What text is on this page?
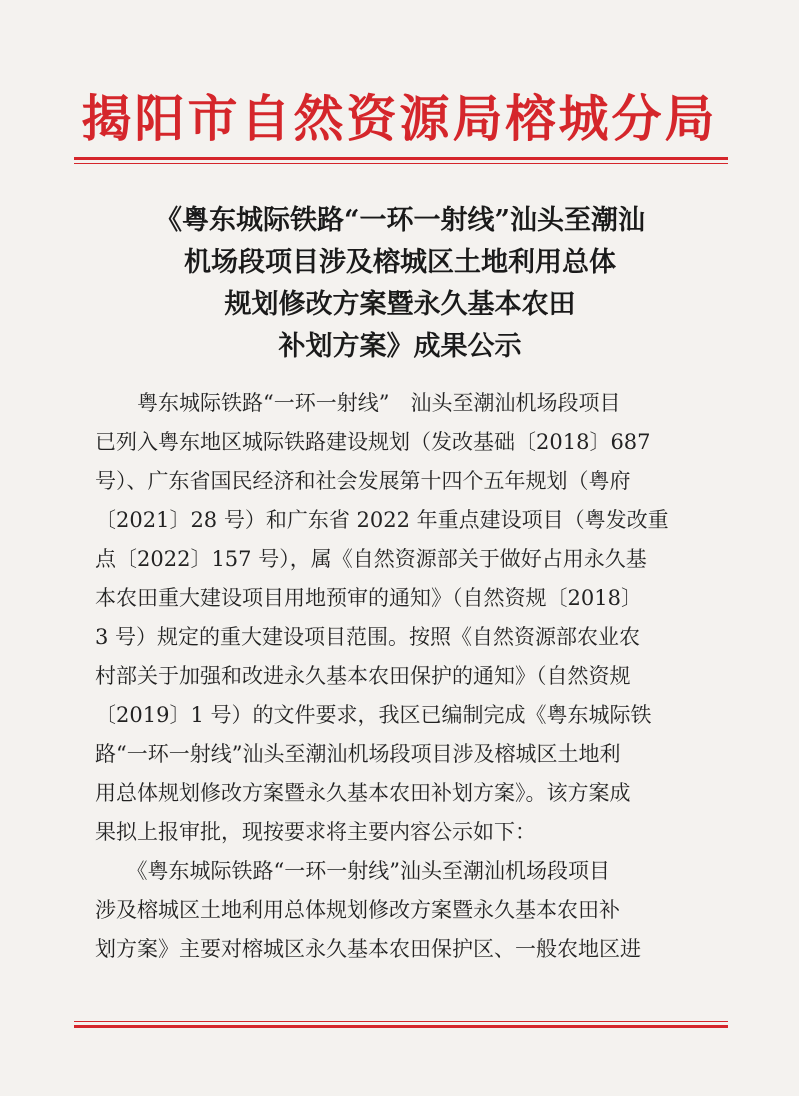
揭阳市自然资源局榕城分局
《粤东城际铁路“一环一射线”汕头至潮汕
机场段项目涉及榕城区土地利用总体
规划修改方案暨永久基本农田
补划方案》成果公示
　　粤东城际铁路“一环一射线”　汕头至潮汕机场段项目
已列入粤东地区城际铁路建设规划（发改基础〔2018〕687
号）、广东省国民经济和社会发展第十四个五年规划（粤府
〔2021〕28 号）和广东省 2022 年重点建设项目（粤发改重
点〔2022〕157 号），属《自然资源部关于做好占用永久基
本农田重大建设项目用地预审的通知》（自然资规〔2018〕
3 号）规定的重大建设项目范围。按照《自然资源部农业农
村部关于加强和改进永久基本农田保护的通知》（自然资规
〔2019〕1 号）的文件要求，我区已编制完成《粤东城际铁
路“一环一射线”汕头至潮汕机场段项目涉及榕城区土地利
用总体规划修改方案暨永久基本农田补划方案》。该方案成
果拟上报审批，现按要求将主要内容公示如下：
　　《粤东城际铁路“一环一射线”汕头至潮汕机场段项目
涉及榕城区土地利用总体规划修改方案暨永久基本农田补
划方案》主要对榕城区永久基本农田保护区、一般农地区进
